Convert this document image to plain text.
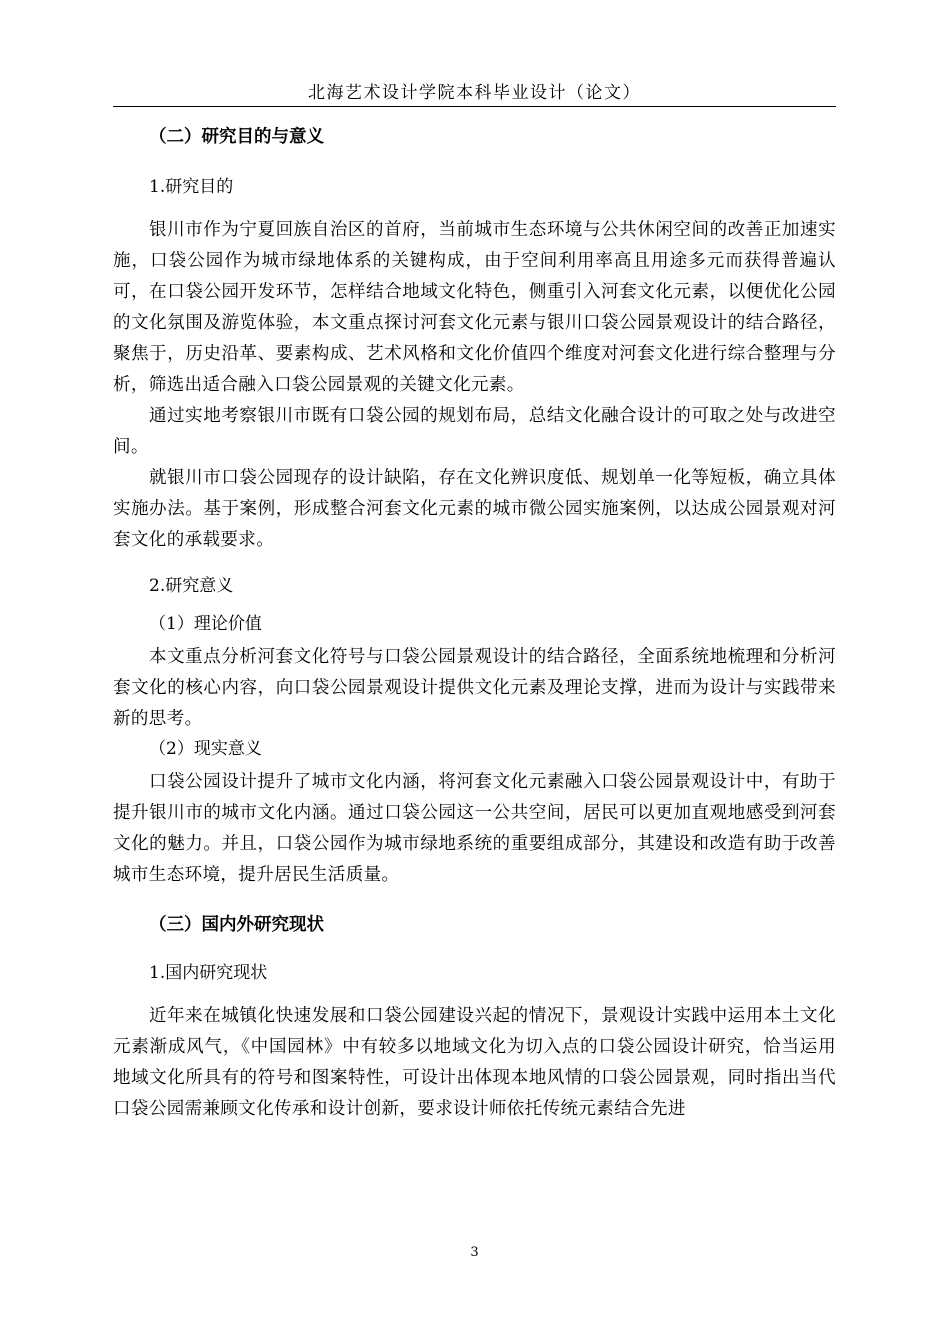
北海艺术设计学院本科毕业设计（论文）
（二）研究目的与意义
1.研究目的

银川市作为宁夏回族自治区的首府，当前城市生态环境与公共休闲空间的改善正加速实施，口袋公园作为城市绿地体系的关键构成，由于空间利用率高且用途多元而获得普遍认可，在口袋公园开发环节，怎样结合地域文化特色，侧重引入河套文化元素，以便优化公园的文化氛围及游览体验，本文重点探讨河套文化元素与银川口袋公园景观设计的结合路径，聚焦于，历史沿革、要素构成、艺术风格和文化价值四个维度对河套文化进行综合整理与分析，筛选出适合融入口袋公园景观的关键文化元素。

通过实地考察银川市既有口袋公园的规划布局，总结文化融合设计的可取之处与改进空间。

就银川市口袋公园现存的设计缺陷，存在文化辨识度低、规划单一化等短板，确立具体实施办法。基于案例，形成整合河套文化元素的城市微公园实施案例，以达成公园景观对河套文化的承载要求。

2.研究意义
（1）理论价值

本文重点分析河套文化符号与口袋公园景观设计的结合路径，全面系统地梳理和分析河套文化的核心内容，向口袋公园景观设计提供文化元素及理论支撑，进而为设计与实践带来新的思考。

（2）现实意义

口袋公园设计提升了城市文化内涵，将河套文化元素融入口袋公园景观设计中，有助于提升银川市的城市文化内涵。通过口袋公园这一公共空间，居民可以更加直观地感受到河套文化的魅力。并且，口袋公园作为城市绿地系统的重要组成部分，其建设和改造有助于改善城市生态环境，提升居民生活质量。

（三）国内外研究现状
1.国内研究现状

近年来在城镇化快速发展和口袋公园建设兴起的情况下，景观设计实践中运用本土文化元素渐成风气，《中国园林》中有较多以地域文化为切入点的口袋公园设计研究，恰当运用地域文化所具有的符号和图案特性，可设计出体现本地风情的口袋公园景观，同时指出当代口袋公园需兼顾文化传承和设计创新，要求设计师依托传统元素结合先进

3
